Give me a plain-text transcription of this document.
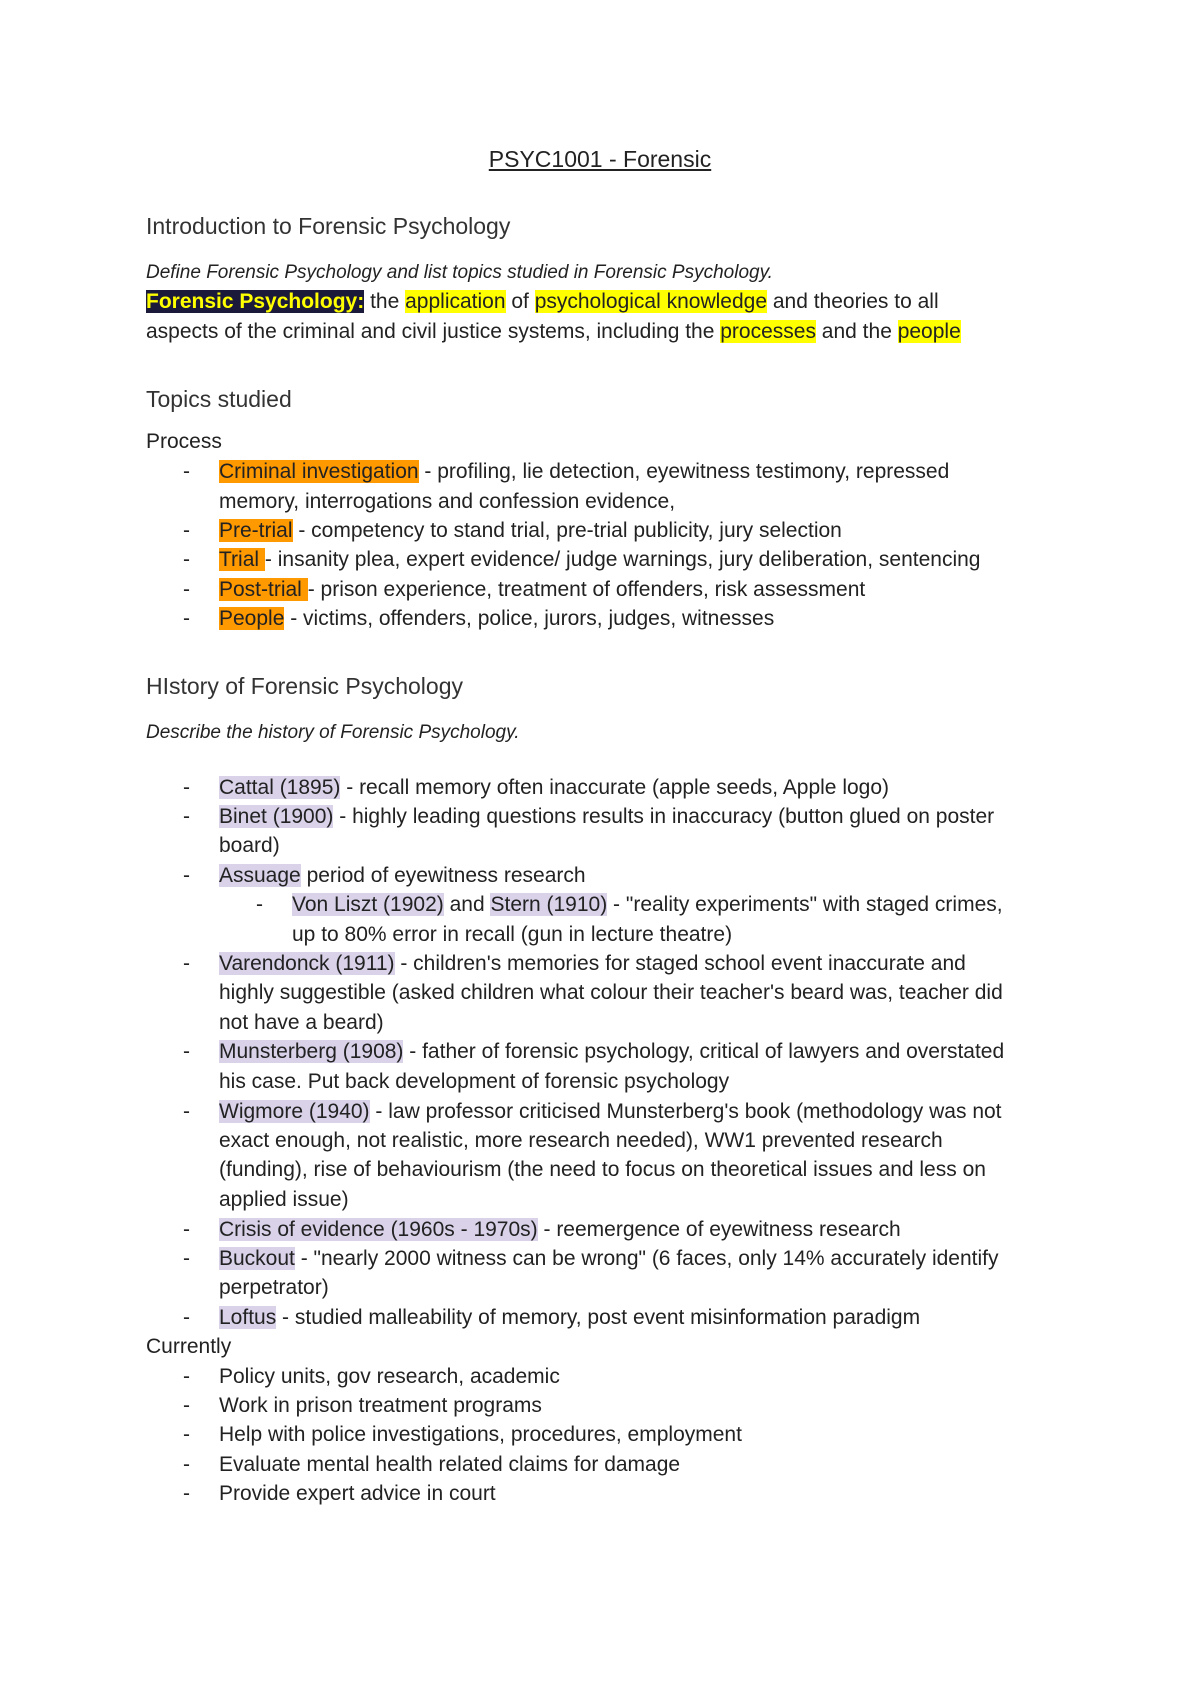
PSYC1001 - Forensic
Introduction to Forensic Psychology
Define Forensic Psychology and list topics studied in Forensic Psychology.
Forensic Psychology: the application of psychological knowledge and theories to all
aspects of the criminal and civil justice systems, including the processes and the people
Topics studied
Process
- Criminal investigation - profiling, lie detection, eyewitness testimony, repressed
memory, interrogations and confession evidence,
- Pre-trial - competency to stand trial, pre-trial publicity, jury selection
- Trial - insanity plea, expert evidence/ judge warnings, jury deliberation, sentencing
- Post-trial - prison experience, treatment of offenders, risk assessment
- People - victims, offenders, police, jurors, judges, witnesses
HIstory of Forensic Psychology
Describe the history of Forensic Psychology.
- Cattal (1895) - recall memory often inaccurate (apple seeds, Apple logo)
- Binet (1900) - highly leading questions results in inaccuracy (button glued on poster
board)
- Assuage period of eyewitness research
- Von Liszt (1902) and Stern (1910) - "reality experiments" with staged crimes,
up to 80% error in recall (gun in lecture theatre)
- Varendonck (1911) - children's memories for staged school event inaccurate and
highly suggestible (asked children what colour their teacher's beard was, teacher did
not have a beard)
- Munsterberg (1908) - father of forensic psychology, critical of lawyers and overstated
his case. Put back development of forensic psychology
- Wigmore (1940) - law professor criticised Munsterberg's book (methodology was not
exact enough, not realistic, more research needed), WW1 prevented research
(funding), rise of behaviourism (the need to focus on theoretical issues and less on
applied issue)
- Crisis of evidence (1960s - 1970s) - reemergence of eyewitness research
- Buckout - "nearly 2000 witness can be wrong" (6 faces, only 14% accurately identify
perpetrator)
- Loftus - studied malleability of memory, post event misinformation paradigm
Currently
- Policy units, gov research, academic
- Work in prison treatment programs
- Help with police investigations, procedures, employment
- Evaluate mental health related claims for damage
- Provide expert advice in court
